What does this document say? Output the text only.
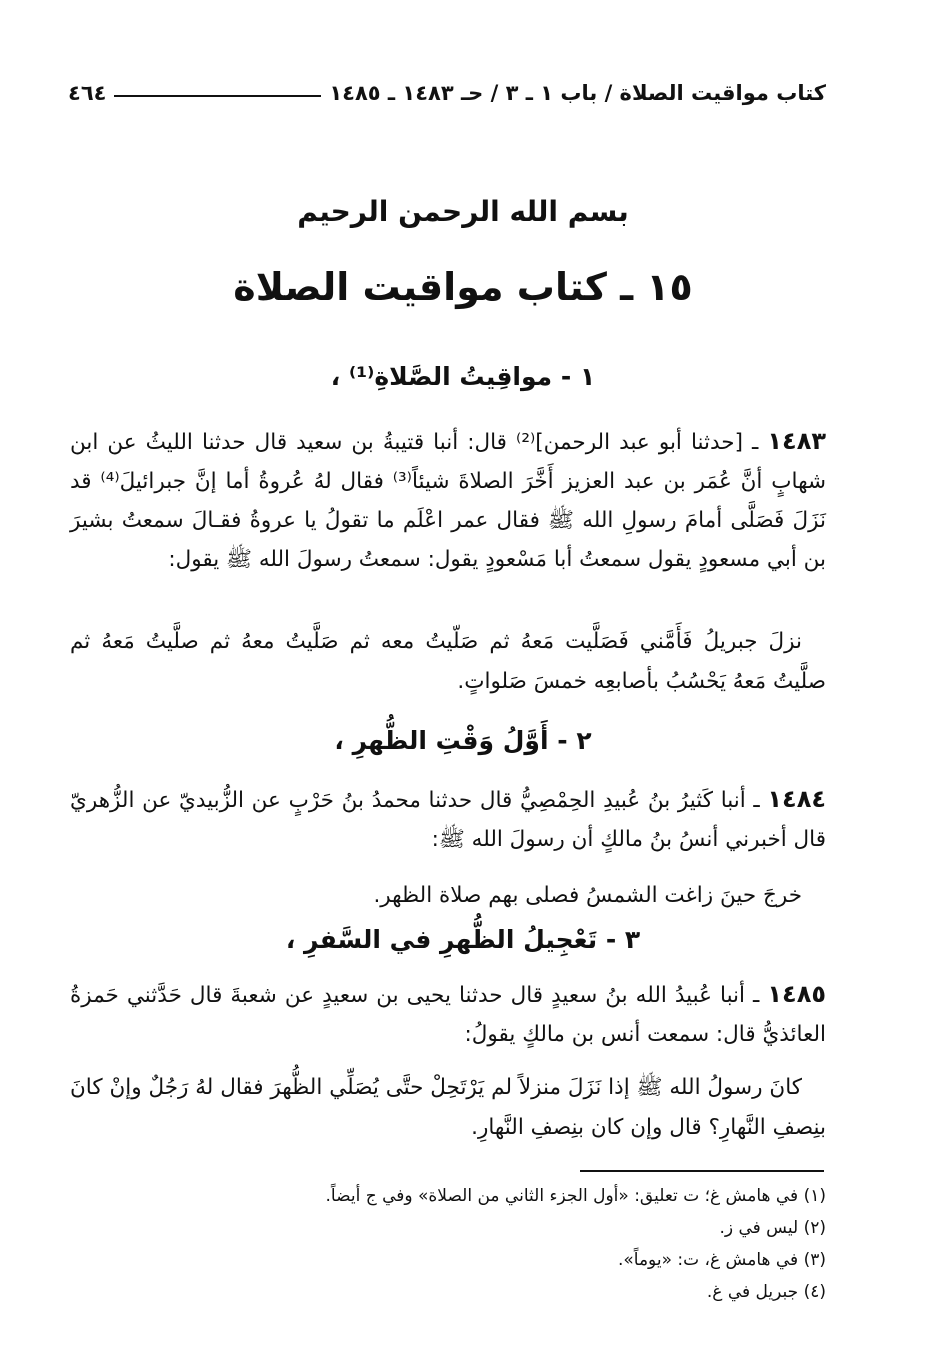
٤٦٤	كتاب مواقيت الصلاة / باب ١ ـ ٣ / حـ ١٤٨٣ ـ ١٤٨٥
بسم الله الرحمن الرحيم
١٥ ـ كتاب مواقيت الصلاة
١ - مواقِيتُ الصَّلاةِ⁽¹⁾ ،
١٤٨٣ ـ [حدثنا أبو عبد الرحمن]⁽²⁾ قال: أنبا قتيبةُ بن سعيد قال حدثنا الليثُ عن ابن شهابٍ أنَّ عُمَر بن عبد العزيز أَخَّرَ الصلاةَ شيئاً⁽³⁾ فقال لهُ عُروةُ أما إنَّ جبرائيلَ⁽⁴⁾ قد نَزَلَ فَصَلَّى أمامَ رسولِ الله ﷺ فقال عمر اعْلَم ما تقولُ يا عروةُ فقـالَ سمعتُ بشيرَ بن أبي مسعودٍ يقول سمعتُ أبا مَسْعودٍ يقول: سمعتُ رسولَ الله ﷺ يقول:
نزلَ جبريلُ فَأَمَّني فَصَلَّيت مَعهُ ثم صَلّيتُ معه ثم صَلَّيتُ معهُ ثم صلَّيتُ مَعهُ ثم صلَّيتُ مَعهُ يَحْسُبُ بأصابعِه خمسَ صَلواتٍ.
٢ - أَوَّلُ وَقْتِ الظُّهرِ ،
١٤٨٤ ـ أنبا كَثيرُ بنُ عُبيدِ الحِمْصِيُّ قال حدثنا محمدُ بنُ حَرْبٍ عن الزُّبيديّ عن الزُّهريّ قال أخبرني أنسُ بنُ مالكٍ أن رسولَ الله ﷺ:
خرجَ حينَ زاغت الشمسُ فصلى بهم صلاة الظهر.
٣ - تَعْجِيلُ الظُّهرِ في السَّفرِ ،
١٤٨٥ ـ أنبا عُبيدُ الله بنُ سعيدٍ قال حدثنا يحيى بن سعيدٍ عن شعبةَ قال حَدَّثني حَمزةُ العائذيُّ قال: سمعت أنس بن مالكٍ يقولُ:
كانَ رسولُ الله ﷺ إذا نَزَلَ منزلاً لم يَرْتَحِلْ حتَّى يُصَلِّي الظُّهرَ فقال لهُ رَجُلٌ وإنْ كانَ بنِصفِ النَّهارِ؟ قال وإن كان بنِصفِ النَّهارِ.
(١) في هامش غ؛ ت تعليق: «أول الجزء الثاني من الصلاة» وفي ج أيضاً.
(٢) ليس في ز.
(٣) في هامش غ، ت: «يوماً».
(٤) جبريل في غ.
